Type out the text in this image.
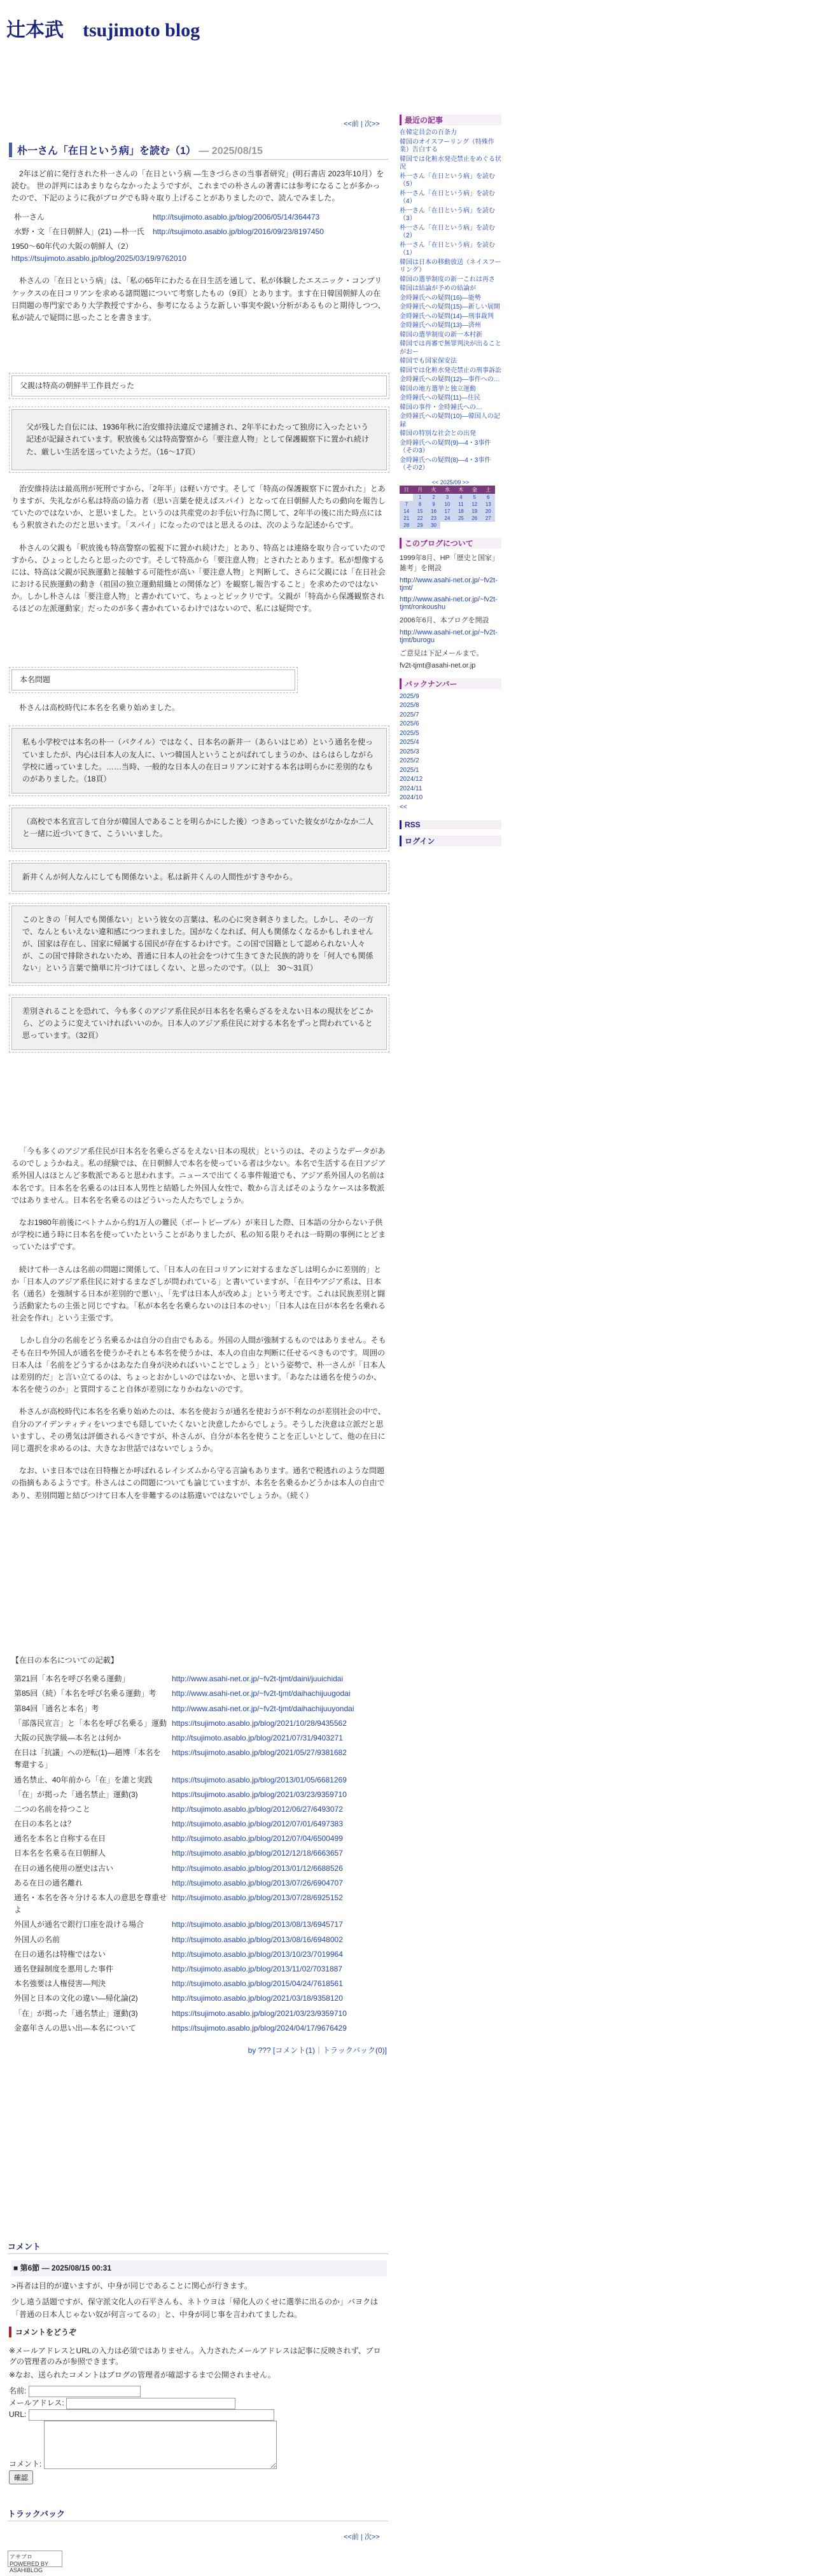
辻本武　tsujimoto blog
<<前 | 次>>
朴一さん「在日という病」を読む（1） — 2025/08/15
2年ほど前に発行された朴一さんの「在日という病 ―生きづらさの当事者研究」(明石書店 2023年10月）を読む。 世の評判にはあまりならなかったようですが、これまでの朴さんの著書には参考になることが多かったので、下記のように我がブログでも時々取り上げることがありましたので、読んでみました。
朴一さん	http://tsujimoto.asablo.jp/blog/2006/05/14/364473
水野・文「在日朝鮮人」(21) ―朴一氏	http://tsujimoto.asablo.jp/blog/2016/09/23/8197450
1950〜60年代の大阪の朝鮮人（2）
https://tsujimoto.asablo.jp/blog/2025/03/19/9762010
朴さんの「在日という病」は、「私の65年にわたる在日生活を通して、私が体験したエスニック・コンプリケックスの在日コリアンを求める諸問題について考察したもの（9頁）とあります。ます在日韓国朝鮮人の在日問題の専門家であり大学教授ですから、参考になるような新しい事実や鋭い分析があるものと期待しつつ、私が読んで疑問に思ったことを書きます。
父親は特高の朝鮮半工作員だった
父が残した自伝には、1936年秋に治安維持法違反で逮捕され、2年半にわたって独房に入ったという記述が記録されています。釈放後も父は特高警察から「要注意人物」として保護観察下に置かれ続けた、厳しい生活を送っていたようだ。（16〜17頁）
治安維持法は最高刑が死刑ですから、「2年半」は軽い方です。そして「特高の保護観察下に置かれた」とありますが、失礼ながら私は特高の協力者（思い言葉を使えばスパイ）となって在日朝鮮人たちの動向を報告していたのではないか、と思いました。というのは共産党のお手伝い行為に関して、2年半の後に出た時点にはもう釈放されたのだと思います。「スパイ」になったのではと思えるのは、次のような記述からです。
朴さんの父親も「釈放後も特高警察の監視下に置かれ続けた」とあり、特高とは連絡を取り合っていたのですから、ひょっとしたらと思ったのです。そして特高から「要注意人物」とされたとあります。私が想像するには、特高は父親が民族運動と接触する可能性が高い「要注意人物」と判断して、さらに父親には「在日社会における民族運動の動き（祖国の独立運動組織との関係など）を観察し報告すること」を求めたのではないか。しかし朴さんは「要注意人物」と書かれていて、ちょっとピックリです。父親が「特高から保護観察されるほどの左派運動家」だったのが多く書かれているわけではないので、私には疑問です。
本名問題
朴さんは高校時代に本名を名乗り始めました。
私も小学校では本名の朴一（パクイル）ではなく、日本名の新井一（あらいはじめ）という通名を使っていましたが、内心は日本人の友人に、いつ韓国人ということがばれてしまうのか、はらはらしながら学校に通っていました。……当時、一般的な日本人の在日コリアンに対する本名は明らかに差別的なものがありました。（18頁）
（高校で本名宣言して自分が韓国人であることを明らかにした後）つきあっていた彼女がなかなか二人と一緒に近づいてきて、こういいました。
新井くんが何人なんにしても関係ないよ。私は新井くんの人間性がすきやから。
このときの「何人でも関係ない」という彼女の言葉は、私の心に突き刺さりました。しかし、その一方で、なんともいえない違和感につつまれました。国がなくなれば、何人も関係なくなるかもしれませんが、国家は存在し、国家に帰属する国民が存在するわけです。この国で国籍として認められない人々が、この国で排除されないため、普通に日本人の社会をつけて生きてきた民族的誇りを「何人でも関係ない」という言葉で簡単に片づけてほしくない、と思ったのです。（以上　30〜31頁）
差別されることを恐れて、今も多くのアジア系住民が日本名を名乗らざるをえない日本の現状をどこから、どのように変えていければいいのか。日本人のアジア系住民に対する本名をずっと問われていると思っています。（32頁）
「今も多くのアジア系住民が日本名を名乗らざるをえない日本の現状」というのは、そのようなデータがあるのでしょうかねえ。私の経験では、在日朝鮮人で本名を使っている者は少ない。本名で生活する在日アジア系外国人はほとんど多数派であると思われます。ニュースで出てくる事件報道でも、アジア系外国人の名前は本名です。日本名を名乗るのは日本人男性と結婚した外国人女性で、数から言えばそのようなケースは多数派ではありません。日本名を名乗るのはどういった人たちでしょうか。
なお1980年前後にベトナムから約1万人の難民（ボートピープル）が来日した際、日本語の分からない子供が学校に通う時に日本名を使っていたということがありましたが、私の知る限りそれは一時期の事例にとどまっていたはずです。
続けて朴一さんは名前の問題に関係して、「日本人の在日コリアンに対するまなざしは明らかに差別的」とか「日本人のアジア系住民に対するまなざしが問われている」と書いていますが、「在日やアジア系は、日本名（通名）を強制する日本が差別的で悪い」、「先ずは日本人が改めよ」という考えです。これは民族差別と闘う活動家たちの主張と同じですね。「私が本名を名乗らないのは日本のせい」「日本人は在日が本名を名乗れる社会を作れ」という主張です。
しかし自分の名前をどう名乗るかは自分の自由でもある。外国の人間が強制するものではありません。そもそも在日や外国人が通名を使うかそれとも本名を使うかは、本人の自由な判断に任せるべきものです。周囲の日本人は「名前をどうするかはあなた自身が決めればいいことでしょう」という姿勢で、朴一さんが「日本人は差別的だ」と言い立てるのは、ちょっとおかしいのではないか、と思います。「あなたは通名を使うのか、本名を使うのか」と質問すること自体が差別になりかねないのです。
朴さんが高校時代に本名を名乗り始めたのは、本名を使おうが通名を使おうが不利なのが差別社会の中で、自分のアイデンティティをいつまでも隠していたくないと決意したからでしょう。そうした決意は立派だと思いますし、その勇気は評価されるべきですが、朴さんが、自分が本名を使うことを正しいとして、他の在日に同じ選択を求めるのは、大きなお世話ではないでしょうか。
なお、いま日本では在日特権とか呼ばれるレイシズムから守る言論もあります。通名で税逃れのような問題の指摘もあるようです。朴さんはこの問題についても論じていますが、本名を名乗るかどうかは本人の自由であり、差別問題と結びつけて日本人を非難するのは筋違いではないでしょうか。（続く）
【在日の本名についての記載】
第21回「本名を呼び名乗る運動」	http://www.asahi-net.or.jp/~fv2t-tjmt/daini/juuichidai
第85回（続）「本名を呼び名乗る運動」考	http://www.asahi-net.or.jp/~fv2t-tjmt/daihachijuugodai
第84回「通名と本名」考	http://www.asahi-net.or.jp/~fv2t-tjmt/daihachijuuyondai
「部落民宣言」と「本名を呼び名乗る」運動	https://tsujimoto.asablo.jp/blog/2021/10/28/9435562
大阪の民族学級―本名とは何か	http://tsujimoto.asablo.jp/blog/2021/07/31/9403271
在日は「抗議」への逆転(1)―趙博「本名を奪還する」	https://tsujimoto.asablo.jp/blog/2021/05/27/9381682
通名禁止、40年前から「在」を誰と実践	https://tsujimoto.asablo.jp/blog/2013/01/05/6681269
「在」が掲った「通名禁止」運動(3)	https://tsujimoto.asablo.jp/blog/2021/03/23/9359710
二つの名前を持つこと	http://tsujimoto.asablo.jp/blog/2012/06/27/6493072
在日の本名とは？	http://tsujimoto.asablo.jp/blog/2012/07/01/6497383
通名を本名と自称する在日	http://tsujimoto.asablo.jp/blog/2012/07/04/6500499
日本名を名乗る在日朝鮮人	http://tsujimoto.asablo.jp/blog/2012/12/18/6663657
在日の通名使用の歴史は古い	http://tsujimoto.asablo.jp/blog/2013/01/12/6688526
ある在日の通名離れ	http://tsujimoto.asablo.jp/blog/2013/07/26/6904707
通名・本名を各々分ける本人の意思を尊重せよ	http://tsujimoto.asablo.jp/blog/2013/07/28/6925152
外国人が通名で銀行口座を設ける場合	http://tsujimoto.asablo.jp/blog/2013/08/13/6945717
外国人の名前	http://tsujimoto.asablo.jp/blog/2013/08/16/6948002
在日の通名は特権ではない	http://tsujimoto.asablo.jp/blog/2013/10/23/7019964
通名登録制度を悪用した事件	http://tsujimoto.asablo.jp/blog/2013/11/02/7031887
本名強要は人権侵害―判決	http://tsujimoto.asablo.jp/blog/2015/04/24/7618561
外国と日本の文化の違い―帰化論(2)	http://tsujimoto.asablo.jp/blog/2021/03/18/9358120
「在」が掲った「通名禁止」運動(3)	https://tsujimoto.asablo.jp/blog/2021/03/23/9359710
金嘉年さんの思い出―本名について	https://tsujimoto.asablo.jp/blog/2024/04/17/9676429
by ??? [コメント(1)｜トラックバック(0)]
コメント
■ 第6節 — 2025/08/15 00:31
>再者は目的が違いますが、中身が同じであることに関心が行きます。
少し遠う話題ですが、保守派文化人の石平さんも、ネトウヨは「帰化人のくせに選挙に出るのか」バヨクは「普通の日本人じゃない奴が何言ってるの」と、中身が同じ事を言われてましたね。
コメントをどうぞ
※メールアドレスとURLの入力は必須ではありません。入力されたメールアドレスは記事に反映されず、ブログの管理者のみが参照できます。
※なお、送られたコメントはブログの管理者が確認するまで公開されません。
名前:
メールアドレス:
URL:
コメント:
確認
トラックバック
<<前 | 次>>
アサブロ POWERED BY ASAHIBLOG
最近の記事
在韓定員会の百条力
韓国のオイスフーリング（特殊作業）告白する
韓国では化粧水発売禁止をめぐる状況
朴一さん「在日という病」を読む（5）
朴一さん「在日という病」を読む（4）
朴一さん「在日という病」を読む（3）
朴一さん「在日という病」を読む（2）
朴一さん「在日という病」を読む（1）
韓国は日本の移動放送（ネイスフーリング）
韓国の選挙制度の新一これは再さ
韓国は結論が予めの結論が
金時鐘氏への疑問(16)―能勢
金時鐘氏への疑問(15)―新しい展開
金時鐘氏への疑問(14)―刑事裁判
金時鐘氏への疑問(13)―済州
韓国の選挙制度の新一本村新
韓国では再審で無罪判決が出ることがおー
韓国でも国家保安法
韓国では化粧水発売禁止の刑事訴訟
金時鐘氏への疑問(12)―事件への…
韓国の地方選挙と独立運動
金時鐘氏への疑問(11)―住民
韓国の事件・金時鐘氏への…
金時鐘氏への疑問(10)―韓国人の記録
韓国の特別な社会との出発
金時鐘氏への疑問(9)―4・3事件（その3）
金時鐘氏への疑問(8)―4・3事件（その2）
<< 2025/09 >>
日	月	火	水	木	金	土
	1	2	3	4	5	6
7	8	9	10	11	12	13
14	15	16	17	18	19	20
21	22	23	24	25	26	27
28	29	30				
このブログについて
1999年8月、HP「歴史と国家」雑考」を開設
http://www.asahi-net.or.jp/~fv2t-tjmt/
http://www.asahi-net.or.jp/~fv2t-tjmt/ronkoushu
2006年6月、本ブログを開設
http://www.asahi-net.or.jp/~fv2t-tjmt/burogu
ご意見は下記メールまで。
fv2t-tjmt@asahi-net.or.jp
バックナンバー
2025/9
2025/8
2025/7
2025/6
2025/5
2025/4
2025/3
2025/2
2025/1
2024/12
2024/11
2024/10
<<
RSS
ログイン
